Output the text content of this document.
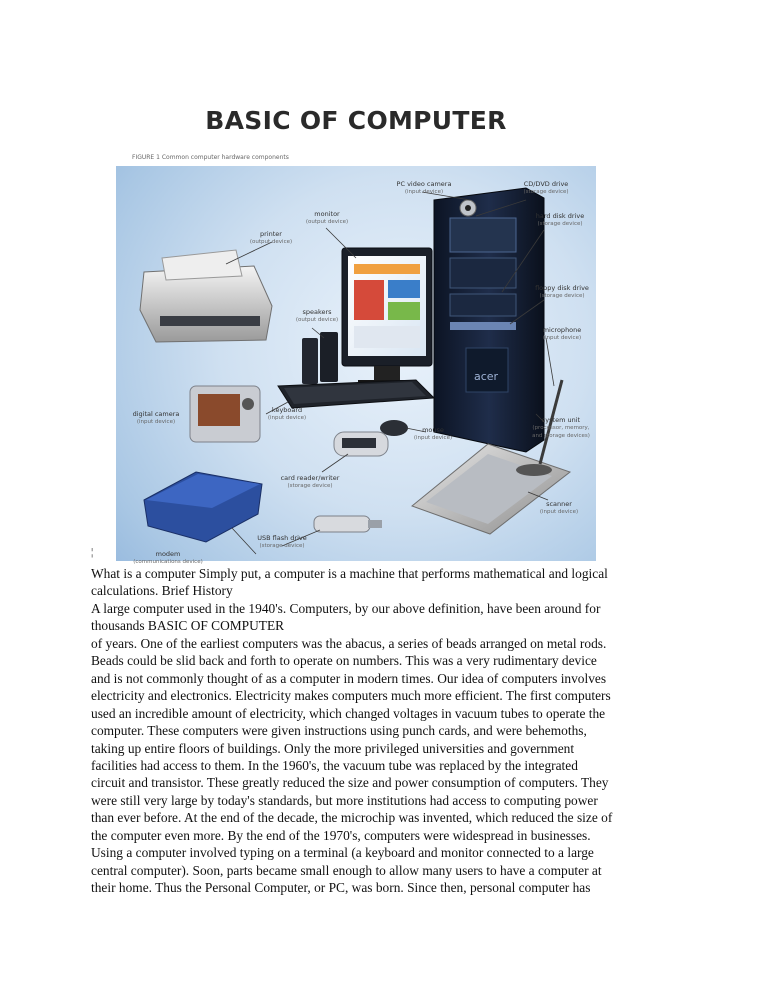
BASIC OF COMPUTER
FIGURE 1 Common computer hardware components
acer
PC video camera
(input device)
CD/DVD drive
(storage device)
monitor
(output device)
hard disk drive
(storage device)
printer
(output device)
floppy disk drive
(storage device)
speakers
(output device)
microphone
(input device)
digital camera
(input device)
keyboard
(input device)
mouse
(input device)
system unit
(processor, memory, and storage devices)
card reader/writer
(storage device)
scanner
(input device)
modem
(communications device)
USB flash drive
(storage device)
¦

What is a computer Simply put, a computer is a machine that performs mathematical and logical

calculations. Brief History

A large computer used in the 1940's. Computers, by our above definition, have been around for

thousands BASIC OF COMPUTER

of years. One of the earliest computers was the abacus, a series of beads arranged on metal rods.

Beads could be slid back and forth to operate on numbers. This was a very rudimentary device

and is not commonly thought of as a computer in modern times. Our idea of computers involves

electricity and electronics. Electricity makes computers much more efficient. The first computers

used an incredible amount of electricity, which changed voltages in vacuum tubes to operate the

computer. These computers were given instructions using punch cards, and were behemoths,

taking up entire floors of buildings. Only the more privileged universities and government

facilities had access to them. In the 1960's, the vacuum tube was replaced by the integrated

circuit and transistor. These greatly reduced the size and power consumption of computers. They

were still very large by today's standards, but more institutions had access to computing power

than ever before. At the end of the decade, the microchip was invented, which reduced the size of

the computer even more. By the end of the 1970's, computers were widespread in businesses.

Using a computer involved typing on a terminal (a keyboard and monitor connected to a large

central computer). Soon, parts became small enough to allow many users to have a computer at

their home. Thus the Personal Computer, or PC, was born. Since then, personal computer has
